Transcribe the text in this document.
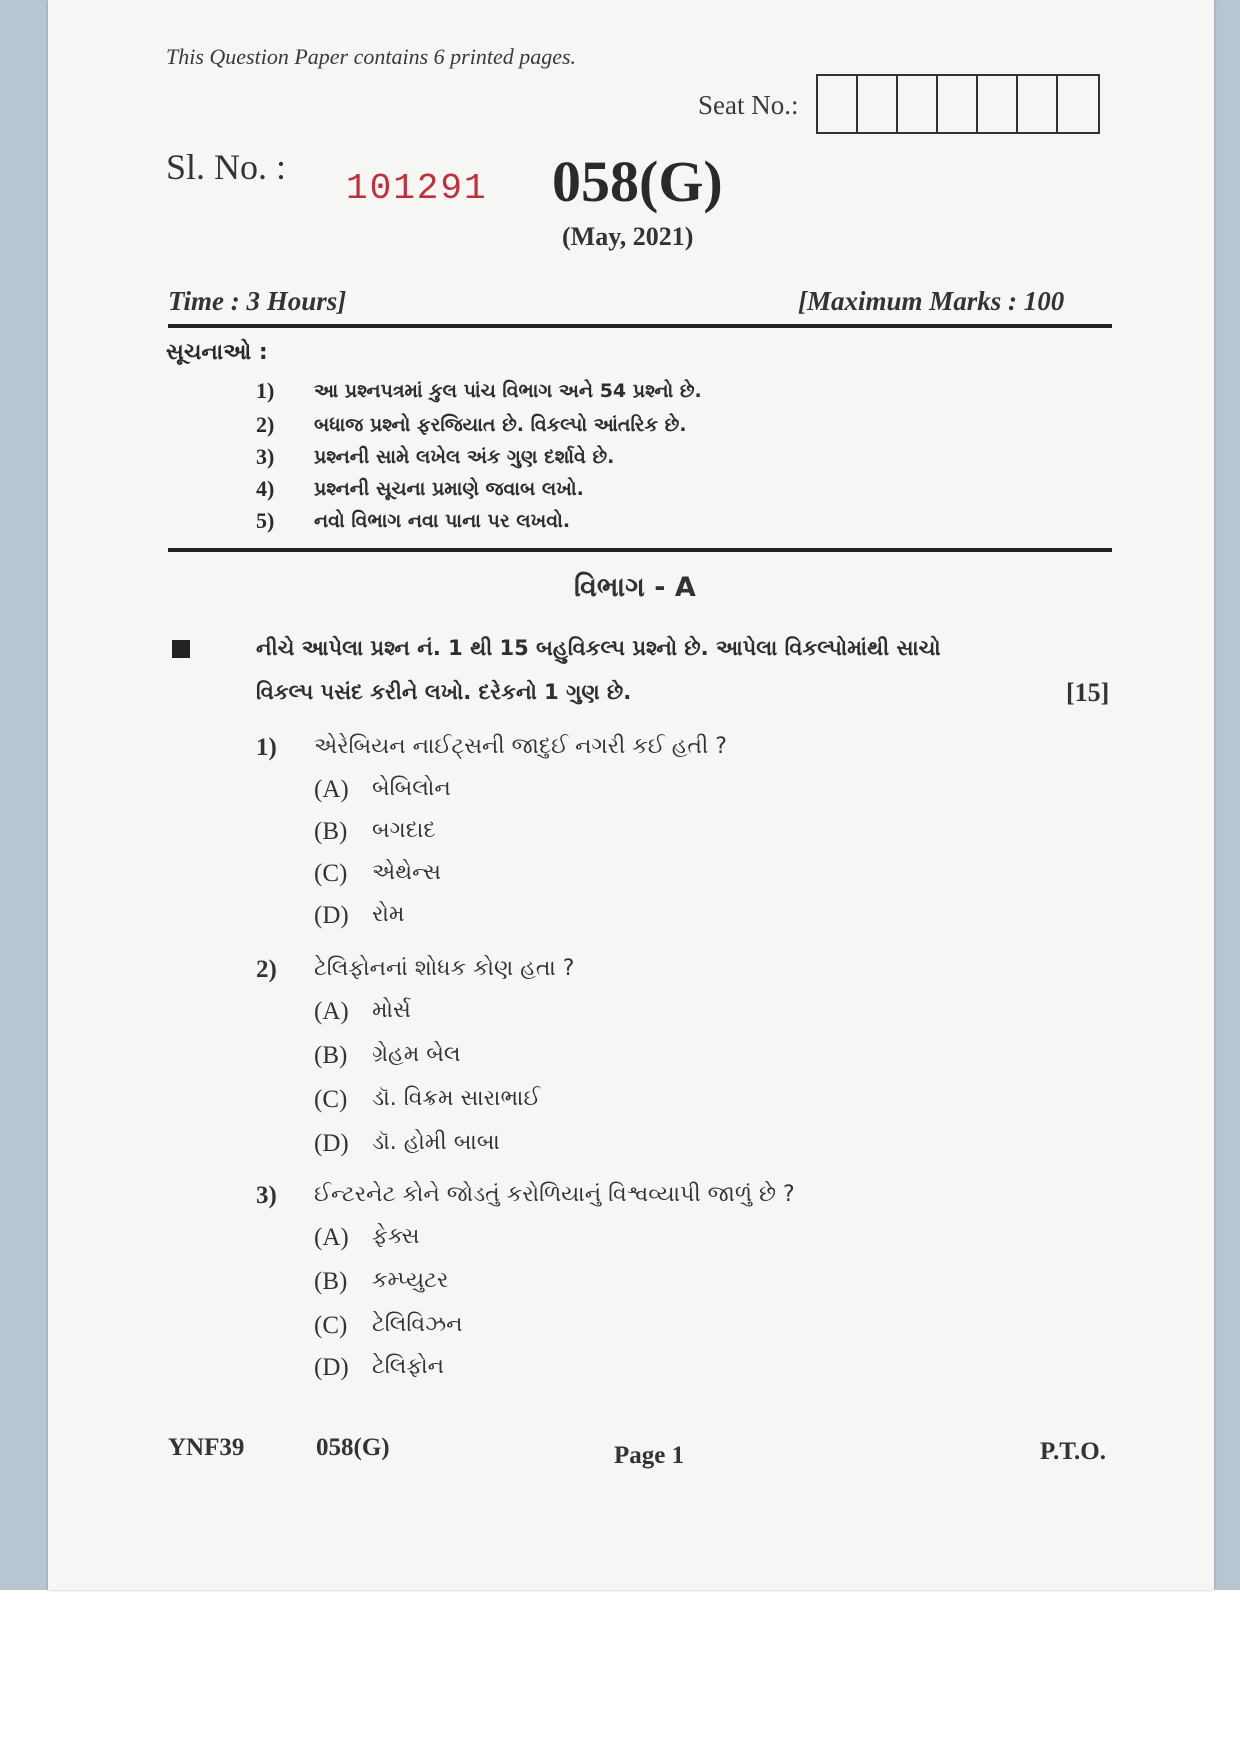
This Question Paper contains 6 printed pages.
Seat No.:
Sl. No. :
101291 058(G)
(May, 2021)
Time : 3 Hours]	[Maximum Marks : 100
સૂચનાઓ :
1) આ પ્રશ્નપત્રમાં કુલ પાંચ વિભાગ અને 54 પ્રશ્નો છે.
2) બધાજ પ્રશ્નો ફરજિયાત છે. વિકલ્પો આંતરિક છે.
3) પ્રશ્નની સામે લખેલ અંક ગુણ દર્શાવે છે.
4) પ્રશ્નની સૂચના પ્રમાણે જવાબ લખો.
5) નવો વિભાગ નવા પાના પર લખવો.
વિભાગ - A
નીચે આપેલા પ્રશ્ન નં. 1 થી 15 બહુવિકલ્પ પ્રશ્નો છે. આપેલા વિકલ્પોમાંથી સાચો
વિકલ્પ પસંદ કરીને લખો. દરેકનો 1 ગુણ છે.	[15]
1) એરેબિયન નાઈટ્સની જાદુઈ નગરી કઈ હતી ?
(A) બેબિલોન
(B) બગદાદ
(C) એથેન્સ
(D) રોમ
2) ટેલિફોનનાં શોધક કોણ હતા ?
(A) મોર્સ
(B) ગ્રેહમ બેલ
(C) ડૉ. વિક્રમ સારાભાઈ
(D) ડૉ. હોમી બાબા
3) ઈન્ટરનેટ કોને જોડતું કરોળિયાનું વિશ્વવ્યાપી જાળું છે ?
(A) ફેક્સ
(B) કમ્પ્યુટર
(C) ટેલિવિઝન
(D) ટેલિફોન
YNF39	058(G)	Page 1	P.T.O.
